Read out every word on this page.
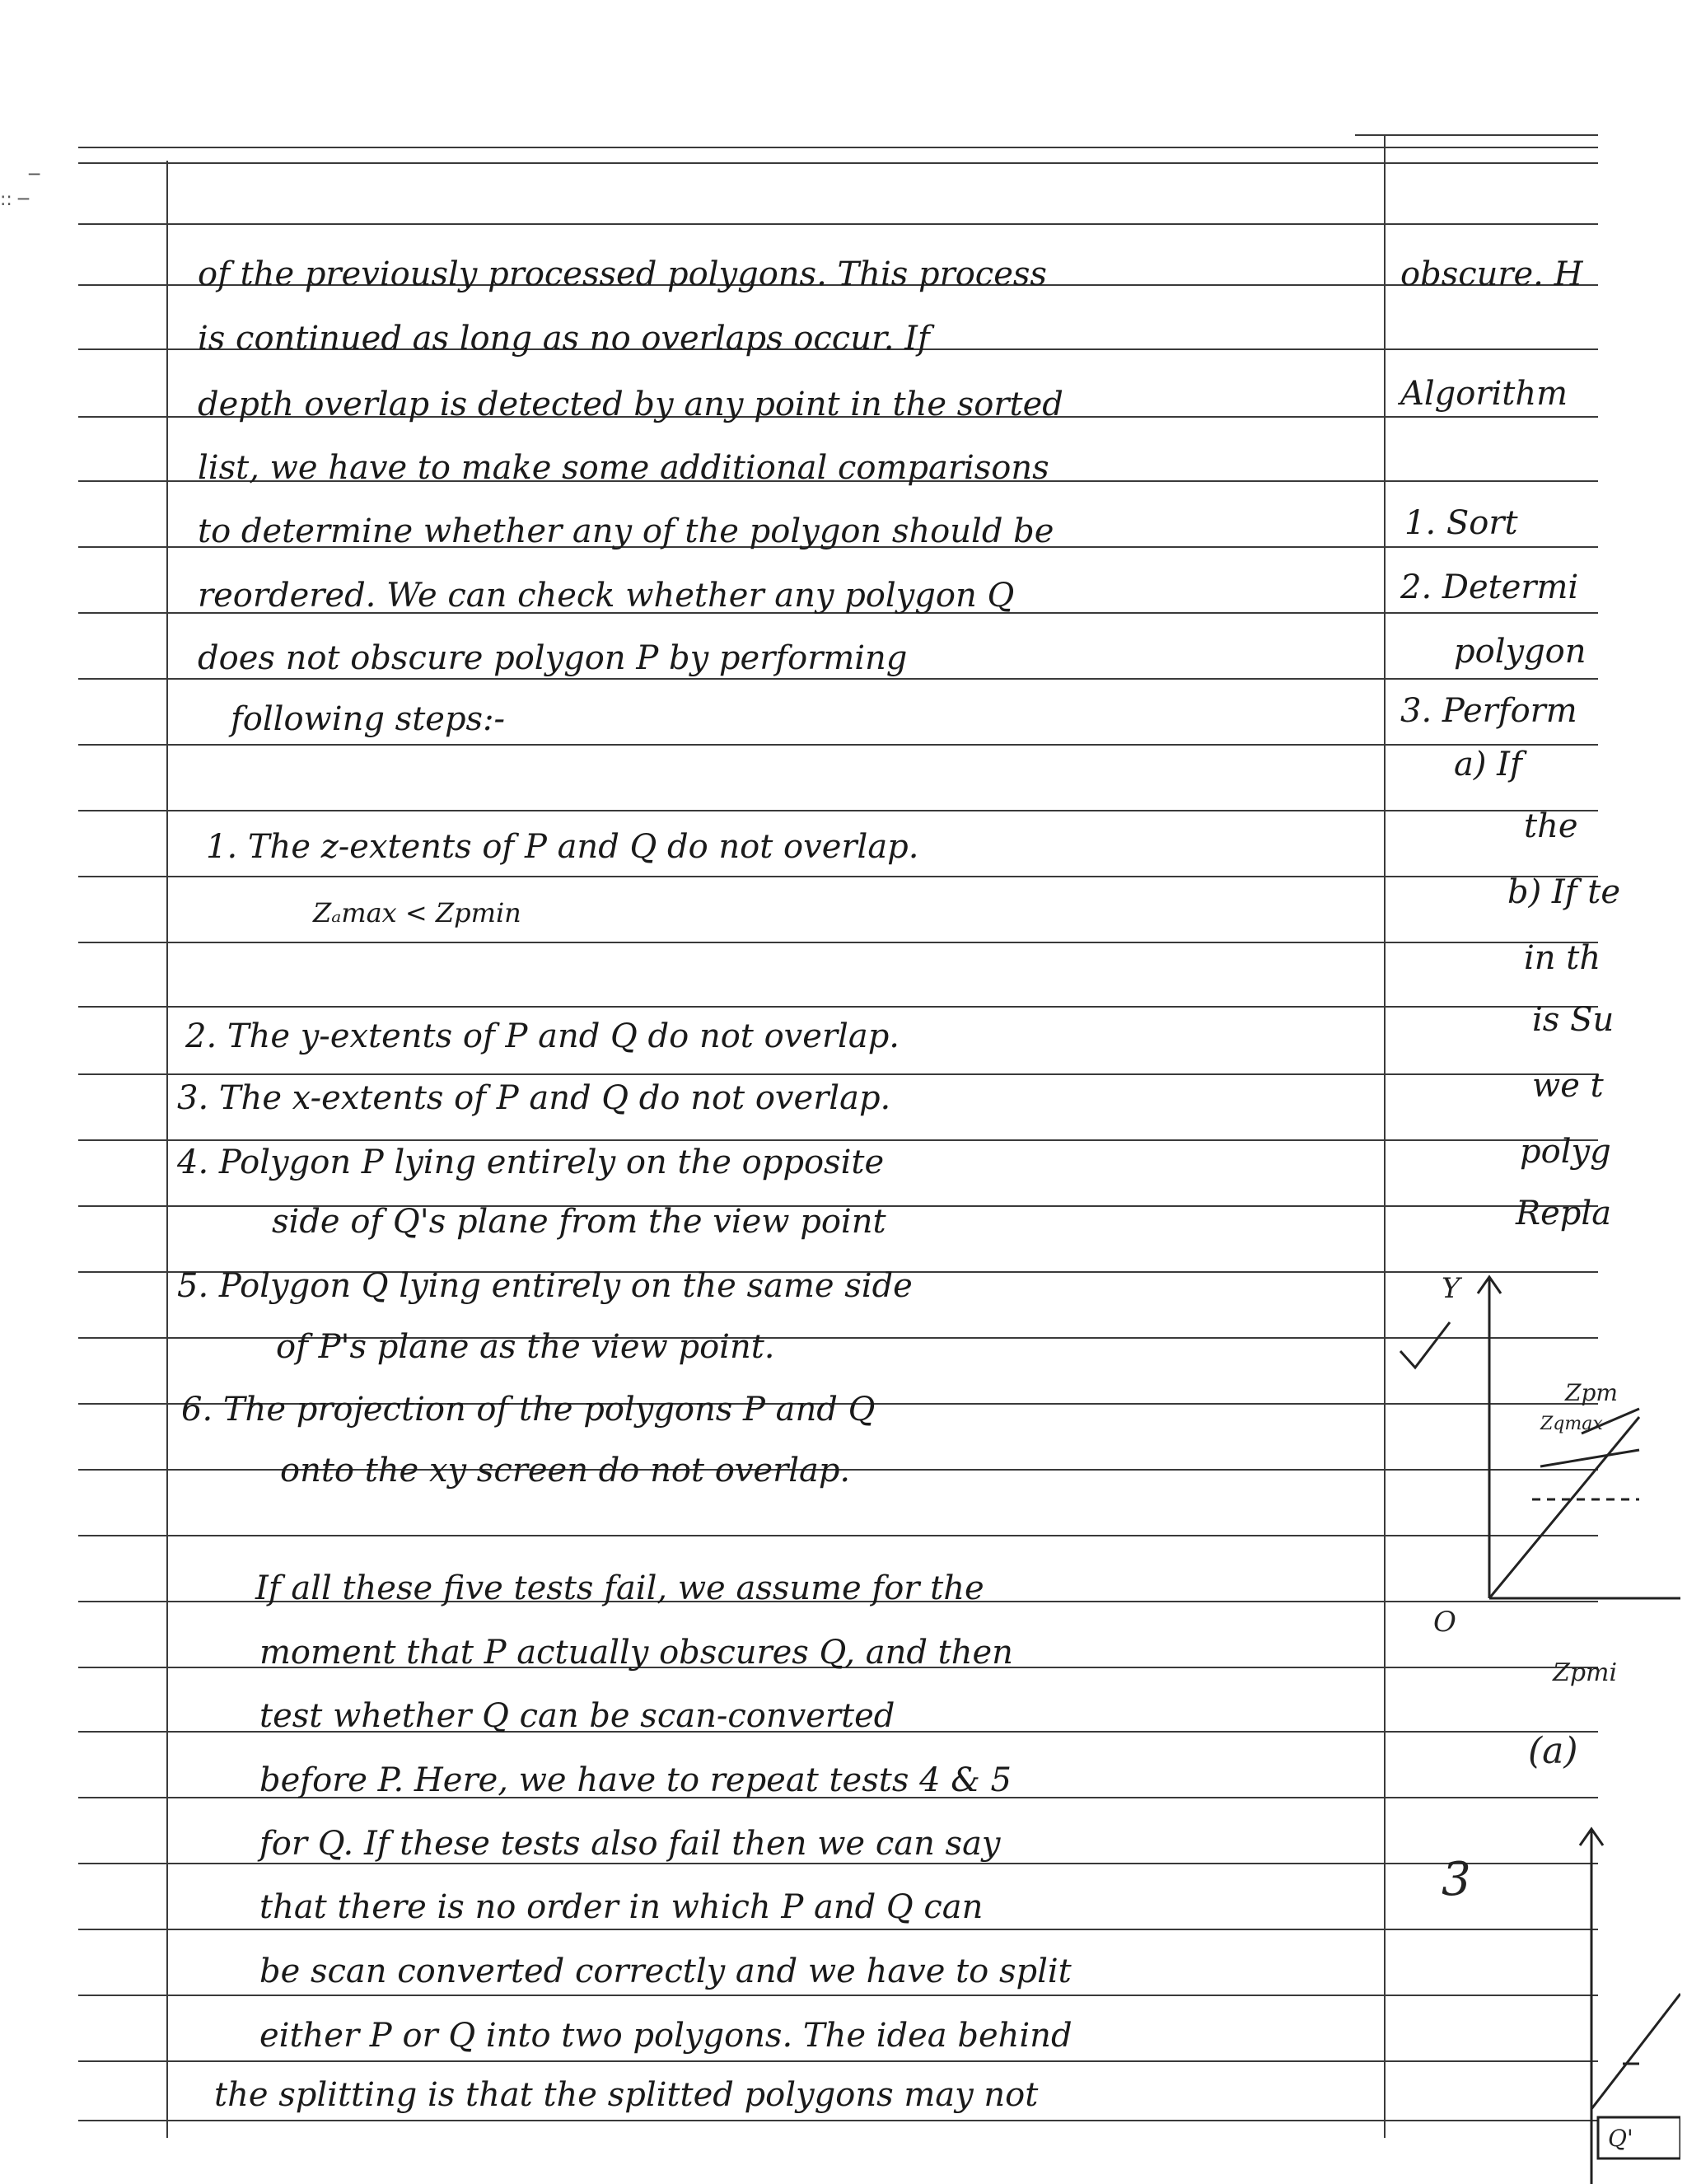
:: ─
─
of the previously processed polygons. This process
is continued as long as no overlaps occur. If
depth overlap is detected by any point in the sorted
list, we have to make some additional comparisons
to determine whether any of the polygon should be
reordered. We can check whether any polygon Q
does not obscure polygon P by performing
following steps:-
1. The z-extents of P and Q do not overlap.
Zₐmax < Zpmin
2. The y-extents of P and Q do not overlap.
3. The x-extents of P and Q do not overlap.
4. Polygon P lying entirely on the opposite
side of Q's plane from the view point
5. Polygon Q lying entirely on the same side
of P's plane as the view point.
6. The projection of the polygons P and Q
onto the xy screen do not overlap.
If all these five tests fail, we assume for the
moment that P actually obscures Q, and then
test whether Q can be scan-converted
before P. Here, we have to repeat tests 4 & 5
for Q. If these tests also fail then we can say
that there is no order in which P and Q can
be scan converted correctly and we have to split
either P or Q into two polygons. The idea behind
the splitting is that the splitted polygons may not
obscure. H
Algorithm
1. Sort
2. Determi
polygon
3. Perform
a) If
the
b) If te
in th
is Su
we t
polyg
Repla
Y
Zpm
Zqmax
O
Zpmi
(a)
3
Q'
